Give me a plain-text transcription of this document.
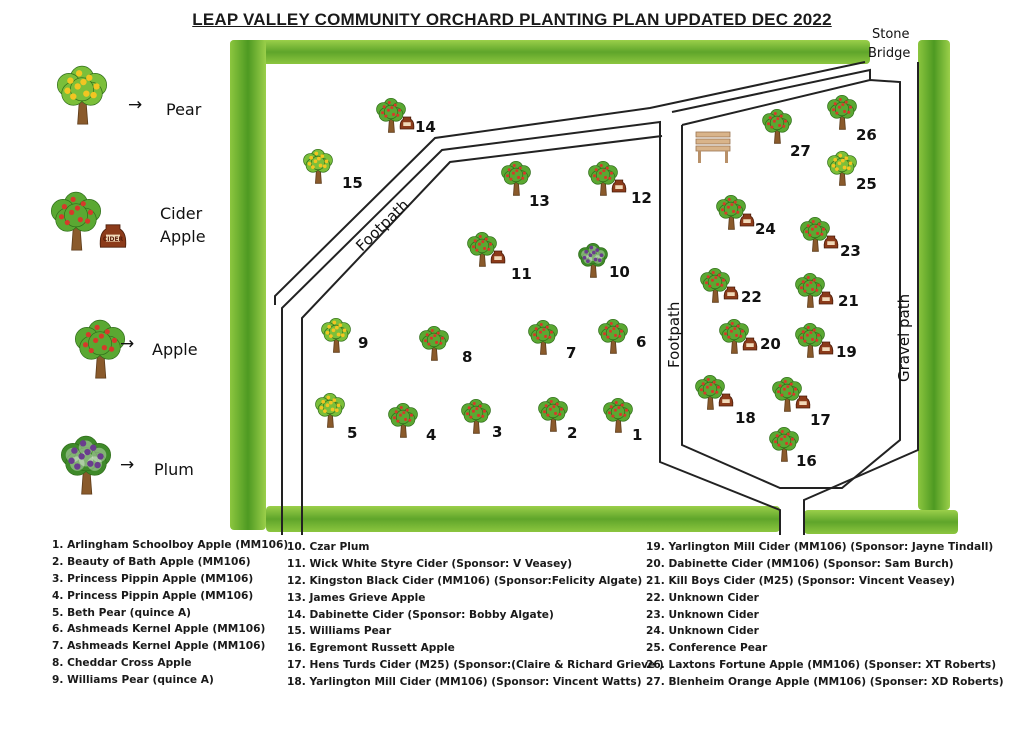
Footpath
Footpath	Gravel path
Stone
Bridge
1
2
3
4
5
6
7
8
9
10
11
12
13
14
15
16
17
18
19
20
21
22
23
24
25
26
27
→ Pear
CIDER
Cider
Apple
→ Apple
→ Plum
LEAP VALLEY COMMUNITY ORCHARD PLANTING PLAN UPDATED DEC 2022
1. Arlingham Schoolboy Apple (MM106)
2. Beauty of Bath Apple (MM106)
3. Princess Pippin Apple (MM106)
4. Princess Pippin Apple (MM106)
5. Beth Pear (quince A)
6. Ashmeads Kernel Apple (MM106)
7. Ashmeads Kernel Apple (MM106)
8. Cheddar Cross Apple
9. Williams Pear (quince A)
10. Czar Plum
11. Wick White Styre Cider (Sponsor: V Veasey)
12. Kingston Black Cider (MM106) (Sponsor:Felicity Algate)
13. James Grieve Apple
14. Dabinette Cider (Sponsor: Bobby Algate)
15. Williams Pear
16. Egremont Russett Apple
17. Hens Turds Cider (M25) (Sponsor:(Claire & Richard Grieve )
18. Yarlington Mill Cider (MM106) (Sponsor: Vincent Watts)
19. Yarlington Mill Cider (MM106) (Sponsor: Jayne Tindall)
20. Dabinette Cider (MM106) (Sponsor: Sam Burch)
21. Kill Boys Cider (M25) (Sponsor: Vincent Veasey)
22. Unknown Cider
23. Unknown Cider
24. Unknown Cider
25. Conference Pear
26. Laxtons Fortune Apple (MM106) (Sponser: XT Roberts)
27. Blenheim Orange Apple (MM106) (Sponser: XD Roberts)
